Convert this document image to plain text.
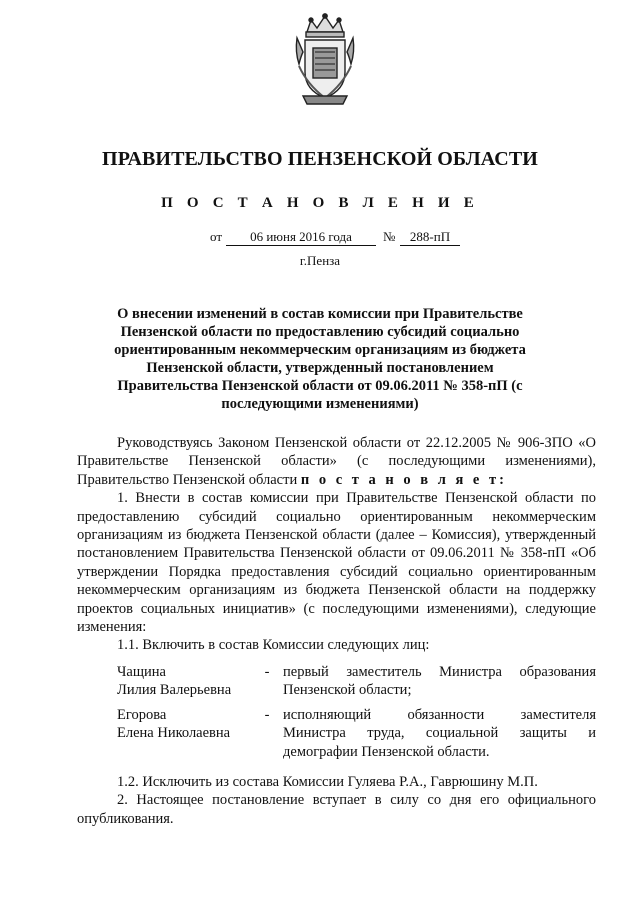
ПРАВИТЕЛЬСТВО ПЕНЗЕНСКОЙ ОБЛАСТИ
П О С Т А Н О В Л Е Н И Е
от	06 июня 2016 года	№	288-пП
г.Пенза
О внесении изменений в состав комиссии при Правительстве Пензенской области по предоставлению субсидий социально ориентированным некоммерческим организациям из бюджета Пензенской области, утвержденный постановлением Правительства Пензенской области от 09.06.2011 № 358-пП (с последующими изменениями)

Руководствуясь Законом Пензенской области от 22.12.2005 № 906-ЗПО «О Правительстве Пензенской области» (с последующими изменениями), Правительство Пензенской области п о с т а н о в л я е т:

1. Внести в состав комиссии при Правительстве Пензенской области по предоставлению субсидий социально ориентированным некоммерческим организациям из бюджета Пензенской области (далее – Комиссия), утвержденный постановлением Правительства Пензенской области от 09.06.2011 № 358-пП «Об утверждении Порядка предоставления субсидий социально ориентированным некоммерческим организациям из бюджета Пензенской области на поддержку проектов социальных инициатив» (с последующими изменениями), следующие изменения:

1.1. Включить в состав Комиссии следующих лиц:

Чащина
Лилия Валерьевна	-	первый заместитель Министра образования Пензенской области;

Егорова
Елена Николаевна	-	исполняющий обязанности заместителя Министра труда, социальной защиты и демографии Пензенской области.

1.2. Исключить из состава Комиссии Гуляева Р.А., Гаврюшину М.П.

2. Настоящее постановление вступает в силу со дня его официального опубликования.
